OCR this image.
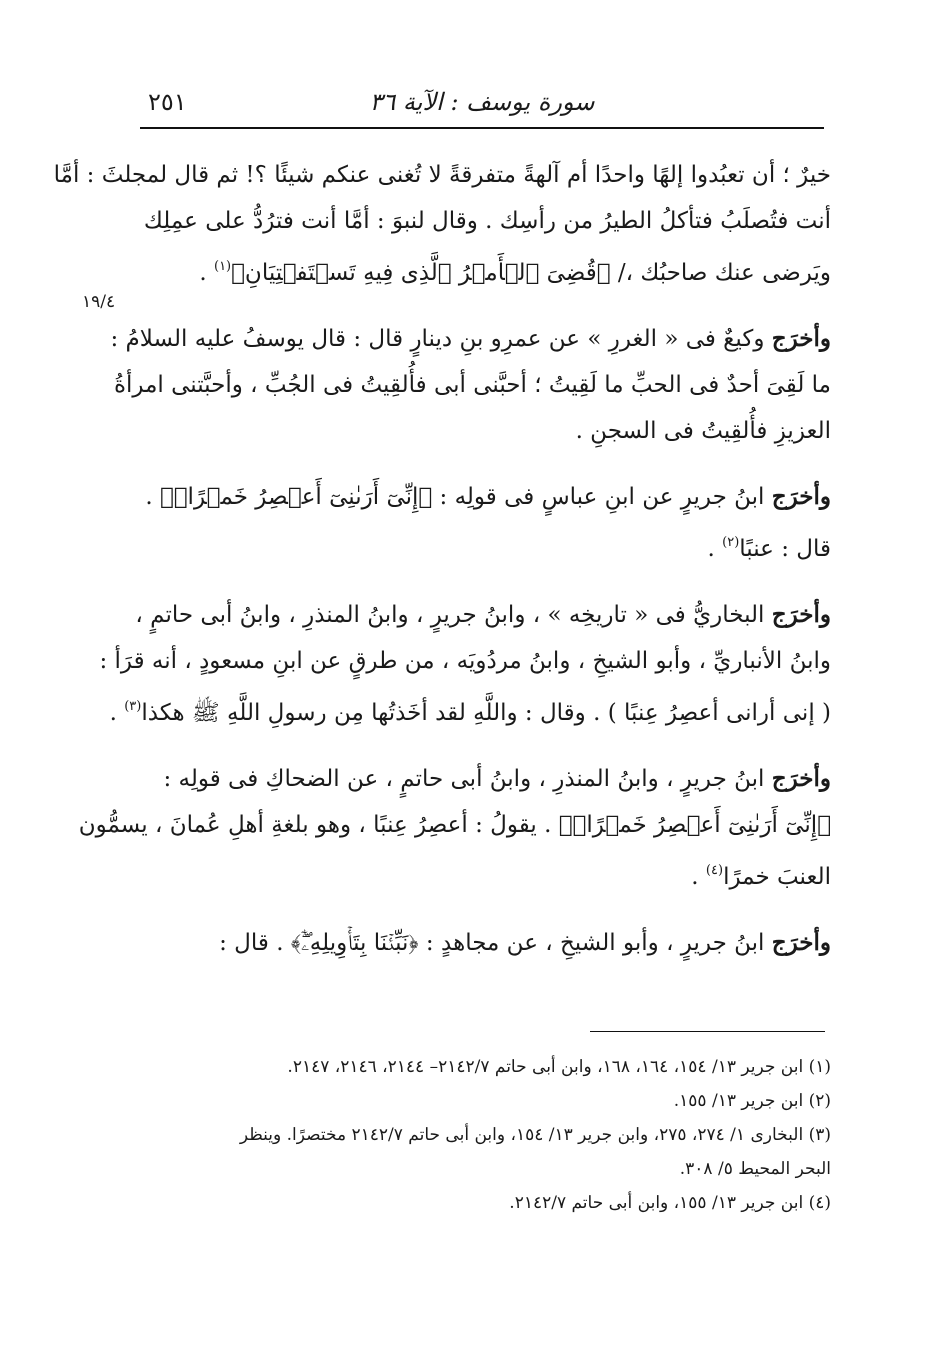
٢٥١	سورة يوسف : الآية ٣٦
١٩/٤

خيرٌ ؛ أن تعبُدوا إلهًا واحدًا أم آلهةً متفرقةً لا تُغنى عنكم شيئًا ؟! ثم قال لمجلثَ : أمَّا

أنت فتُصلَبُ فتأكلُ الطيرُ من رأسِك . وقال لنبوَ : أمَّا أنت فترُدُّ على عمِلِك

ويَرضى عنك صاحبُك ،/ ﴿قُضِىَ ٱلۡأَمۡرُ ٱلَّذِى فِيهِ تَسۡتَفۡتِيَانِ﴾$^{(١)}$ .

وأخرَج وكيعٌ فى « الغررِ » عن عمرِو بنِ دينارٍ قال : قال يوسفُ عليه السلامُ :

ما لَقِىَ أحدٌ فى الحبِّ ما لَقِيتُ ؛ أحبَّنى أبى فأُلقِيتُ فى الجُبِّ ، وأحبَّتنى امرأةُ

العزيزِ فأُلقِيتُ فى السجنِ .

وأخرَج ابنُ جريرٍ عن ابنِ عباسٍ فى قولِه : ﴿إِنِّىٓ أَرَىٰنِىٓ أَعۡصِرُ خَمۡرًاۖ﴾ .

قال : عنبًا$^{(٢)}$ .

وأخرَج البخاريُّ فى « تاريخِه » ، وابنُ جريرٍ ، وابنُ المنذرِ ، وابنُ أبى حاتمٍ ،

وابنُ الأنباريِّ ، وأبو الشيخِ ، وابنُ مردُويَه ، من طرقٍ عن ابنِ مسعودٍ ، أنه قرَأ :

( إنى أرانى أعصِرُ عِنبًا ) . وقال : واللَّهِ لقد أخَذتُها مِن رسولِ اللَّهِ ﷺ هكذا$^{(٣)}$ .

وأخرَج ابنُ جريرٍ ، وابنُ المنذرِ ، وابنُ أبى حاتمٍ ، عن الضحاكِ فى قولِه :

﴿إِنِّىٓ أَرَىٰنِىٓ أَعۡصِرُ خَمۡرًاۖ﴾ . يقولُ : أعصِرُ عِنبًا ، وهو بلغةِ أهلِ عُمانَ ، يسمُّون

العنبَ خمرًا$^{(٤)}$ .

وأخرَج ابنُ جريرٍ ، وأبو الشيخِ ، عن مجاهدٍ : ﴿نَبِّئۡنَا بِتَأۡوِيلِهِۦٓۖ﴾ . قال :

(١) ابن جرير ١٣/ ١٥٤، ١٦٤، ١٦٨، وابن أبى حاتم ٢١٤٢/٧– ٢١٤٤، ٢١٤٦، ٢١٤٧.

(٢) ابن جرير ١٣/ ١٥٥.

(٣) البخارى ١/ ٢٧٤، ٢٧٥، وابن جرير ١٣/ ١٥٤، وابن أبى حاتم ٢١٤٢/٧ مختصرًا. وينظر

البحر المحيط ٥/ ٣٠٨.

(٤) ابن جرير ١٣/ ١٥٥، وابن أبى حاتم ٢١٤٢/٧.
